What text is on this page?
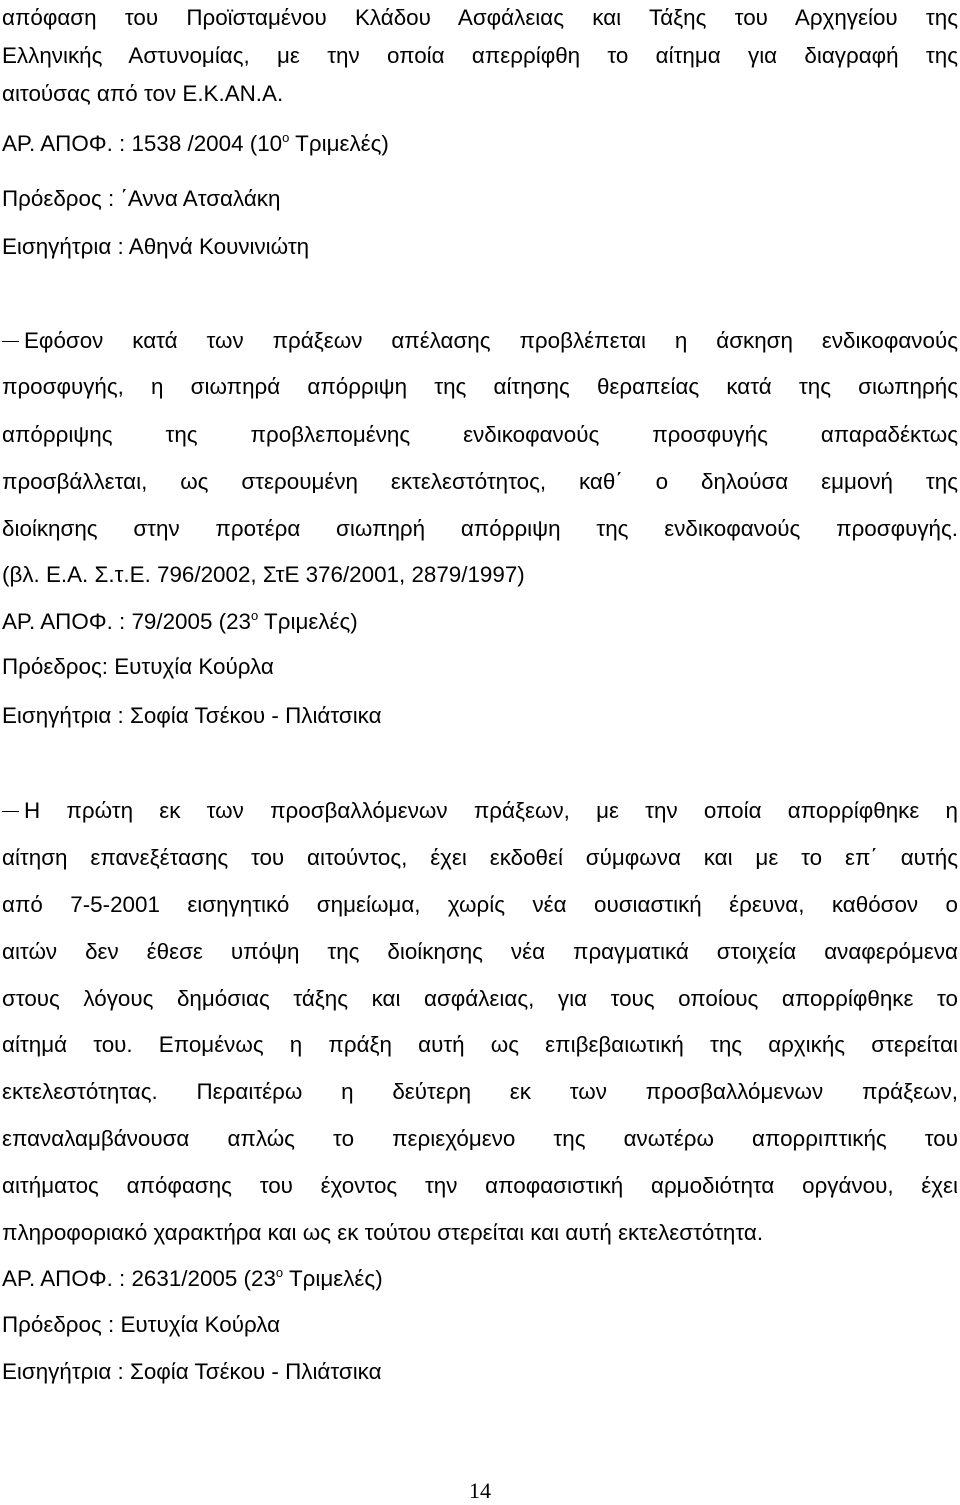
απόφαση του Προϊσταμένου Κλάδου Ασφάλειας και Τάξης του Αρχηγείου της
Ελληνικής Αστυνομίας, με την οποία απερρίφθη το αίτημα για διαγραφή της
αιτούσας από τον Ε.Κ.ΑΝ.Α.
ΑΡ. ΑΠΟΦ. : 1538 /2004 ($10^o$ Τριμελές)
Πρόεδρος : ΄Αννα Ατσαλάκη
Εισηγήτρια : Αθηνά Κουνινιώτη
Εφόσον κατά των πράξεων απέλασης προβλέπεται η άσκηση ενδικοφανούς
προσφυγής, η σιωπηρά απόρριψη της αίτησης θεραπείας κατά της σιωπηρής
απόρριψης της προβλεπομένης ενδικοφανούς προσφυγής απαραδέκτως
προσβάλλεται, ως στερουμένη εκτελεστότητος, καθ΄ ο δηλούσα εμμονή της
διοίκησης στην προτέρα σιωπηρή απόρριψη της ενδικοφανούς προσφυγής.
(βλ. Ε.Α. Σ.τ.Ε. 796/2002, ΣτΕ 376/2001, 2879/1997)
ΑΡ. ΑΠΟΦ. : 79/2005 ($23^o$ Τριμελές)
Πρόεδρος: Ευτυχία Κούρλα
Εισηγήτρια : Σοφία Τσέκου - Πλιάτσικα
Η πρώτη εκ των προσβαλλόμενων πράξεων, με την οποία απορρίφθηκε η
αίτηση επανεξέτασης του αιτούντος, έχει εκδοθεί σύμφωνα και με το επ΄ αυτής
από 7-5-2001 εισηγητικό σημείωμα, χωρίς νέα ουσιαστική έρευνα, καθόσον ο
αιτών δεν έθεσε υπόψη της διοίκησης νέα πραγματικά στοιχεία αναφερόμενα
στους λόγους δημόσιας τάξης και ασφάλειας, για τους οποίους απορρίφθηκε το
αίτημά του. Επομένως η πράξη αυτή ως επιβεβαιωτική της αρχικής στερείται
εκτελεστότητας. Περαιτέρω η δεύτερη εκ των προσβαλλόμενων πράξεων,
επαναλαμβάνουσα απλώς το περιεχόμενο της ανωτέρω απορριπτικής του
αιτήματος απόφασης του έχοντος την αποφασιστική αρμοδιότητα οργάνου, έχει
πληροφοριακό χαρακτήρα και ως εκ τούτου στερείται και αυτή εκτελεστότητα.
ΑΡ. ΑΠΟΦ. : 2631/2005 ($23^o$ Τριμελές)
Πρόεδρος : Ευτυχία Κούρλα
Εισηγήτρια : Σοφία Τσέκου - Πλιάτσικα
14
